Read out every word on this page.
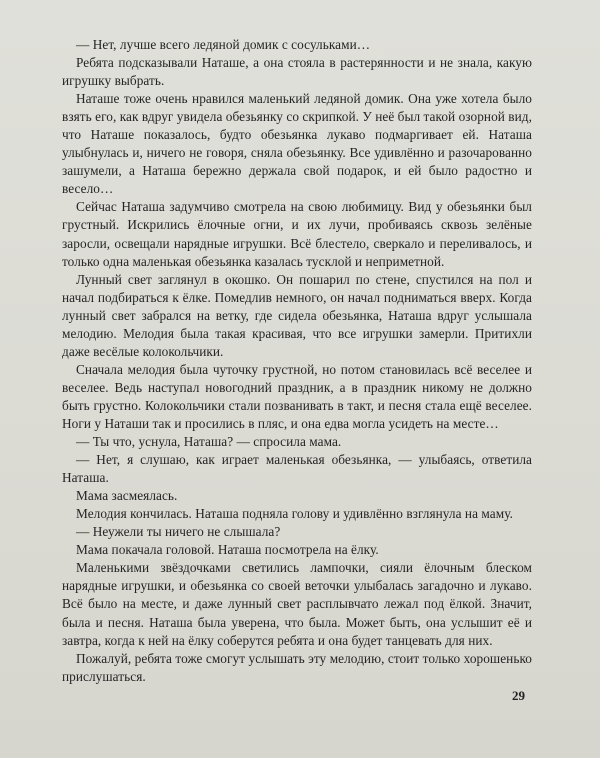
— Нет, лучше всего ледяной домик с сосульками…

Ребята подсказывали Наташе, а она стояла в растерянности и не знала, какую игрушку выбрать.

Наташе тоже очень нравился маленький ледяной домик. Она уже хотела было взять его, как вдруг увидела обезьянку со скрипкой. У неё был такой озорной вид, что Наташе показалось, будто обезьянка лукаво подмаргивает ей. Наташа улыбнулась и, ничего не говоря, сняла обезьянку. Все удивлённо и разочарованно зашумели, а Наташа бережно держала свой подарок, и ей было радостно и весело…

Сейчас Наташа задумчиво смотрела на свою любимицу. Вид у обезьянки был грустный. Искрились ёлочные огни, и их лучи, пробиваясь сквозь зелёные заросли, освещали нарядные игрушки. Всё блестело, сверкало и переливалось, и только одна маленькая обезьянка казалась тусклой и неприметной.

Лунный свет заглянул в окошко. Он пошарил по стене, спустился на пол и начал подбираться к ёлке. Помедлив немного, он начал подниматься вверх. Когда лунный свет забрался на ветку, где сидела обезьянка, Наташа вдруг услышала мелодию. Мелодия была такая красивая, что все игрушки замерли. Притихли даже весёлые колокольчики.

Сначала мелодия была чуточку грустной, но потом становилась всё веселее и веселее. Ведь наступал новогодний праздник, а в праздник никому не должно быть грустно. Колокольчики стали позванивать в такт, и песня стала ещё веселее. Ноги у Наташи так и просились в пляс, и она едва могла усидеть на месте…

— Ты что, уснула, Наташа? — спросила мама.

— Нет, я слушаю, как играет маленькая обезьянка, — улыбаясь, ответила Наташа.

Мама засмеялась.

Мелодия кончилась. Наташа подняла голову и удивлённо взглянула на маму.

— Неужели ты ничего не слышала?

Мама покачала головой. Наташа посмотрела на ёлку.

Маленькими звёздочками светились лампочки, сияли ёлочным блеском нарядные игрушки, и обезьянка со своей веточки улыбалась загадочно и лукаво. Всё было на месте, и даже лунный свет расплывчато лежал под ёлкой. Значит, была и песня. Наташа была уверена, что была. Может быть, она услышит её и завтра, когда к ней на ёлку соберутся ребята и она будет танцевать для них.

Пожалуй, ребята тоже смогут услышать эту мелодию, стоит только хорошенько прислушаться.

29
